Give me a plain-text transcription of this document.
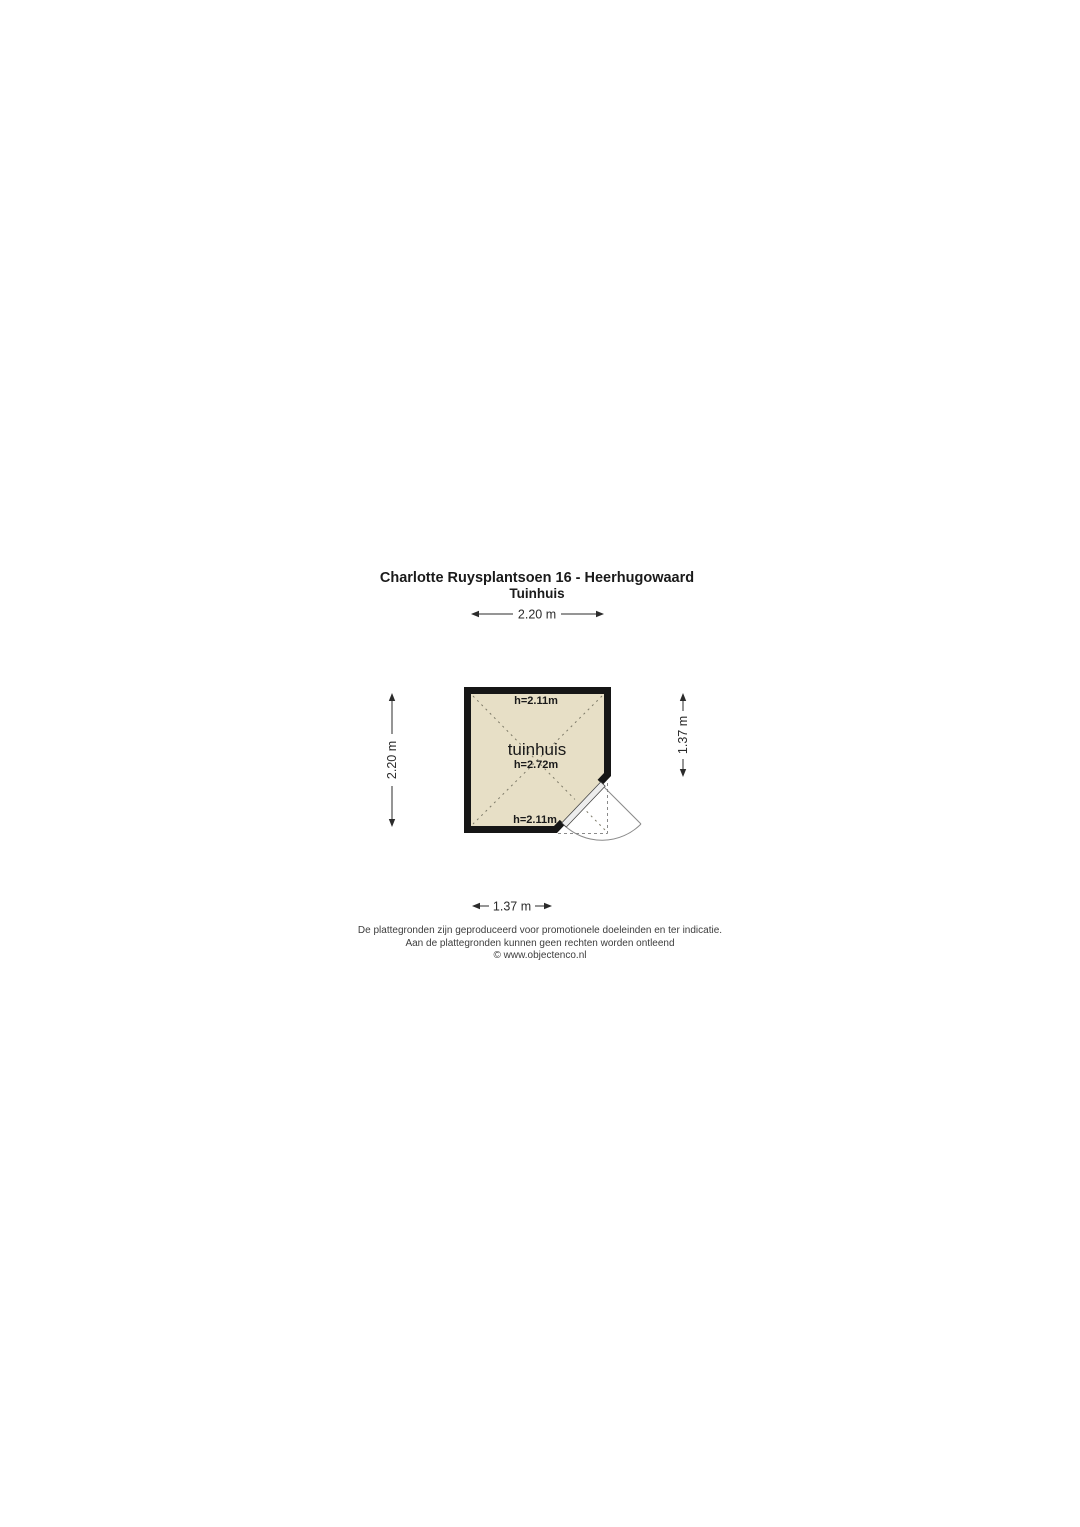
Charlotte Ruysplantsoen 16 - Heerhugowaard
Tuinhuis
2.20 m
2.20 m
1.37 m
1.37 m
h=2.11m
tuinhuis
h=2.72m
h=2.11m
De plattegronden zijn geproduceerd voor promotionele doeleinden en ter indicatie.
Aan de plattegronden kunnen geen rechten worden ontleend
© www.objectenco.nl
